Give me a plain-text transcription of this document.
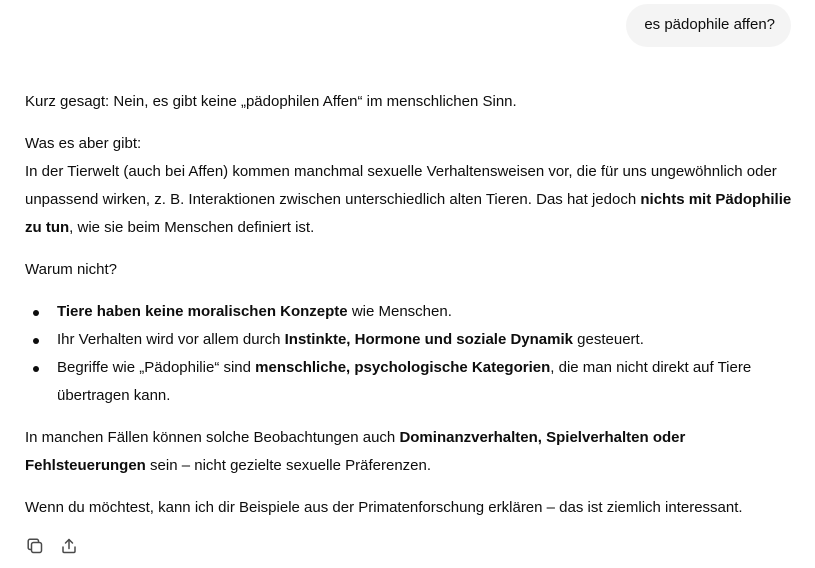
es pädophile affen?

Kurz gesagt: Nein, es gibt keine „pädophilen Affen“ im menschlichen Sinn.

Was es aber gibt:

In der Tierwelt (auch bei Affen) kommen manchmal sexuelle Verhaltensweisen vor, die für uns ungewöhnlich oder unpassend wirken, z. B. Interaktionen zwischen unterschiedlich alten Tieren. Das hat jedoch nichts mit Pädophilie zu tun, wie sie beim Menschen definiert ist.

Warum nicht?

Tiere haben keine moralischen Konzepte wie Menschen.
Ihr Verhalten wird vor allem durch Instinkte, Hormone und soziale Dynamik gesteuert.
Begriffe wie „Pädophilie“ sind menschliche, psychologische Kategorien, die man nicht direkt auf Tiere übertragen kann.

In manchen Fällen können solche Beobachtungen auch Dominanzverhalten, Spielverhalten oder Fehlsteuerungen sein – nicht gezielte sexuelle Präferenzen.

Wenn du möchtest, kann ich dir Beispiele aus der Primatenforschung erklären – das ist ziemlich interessant.
